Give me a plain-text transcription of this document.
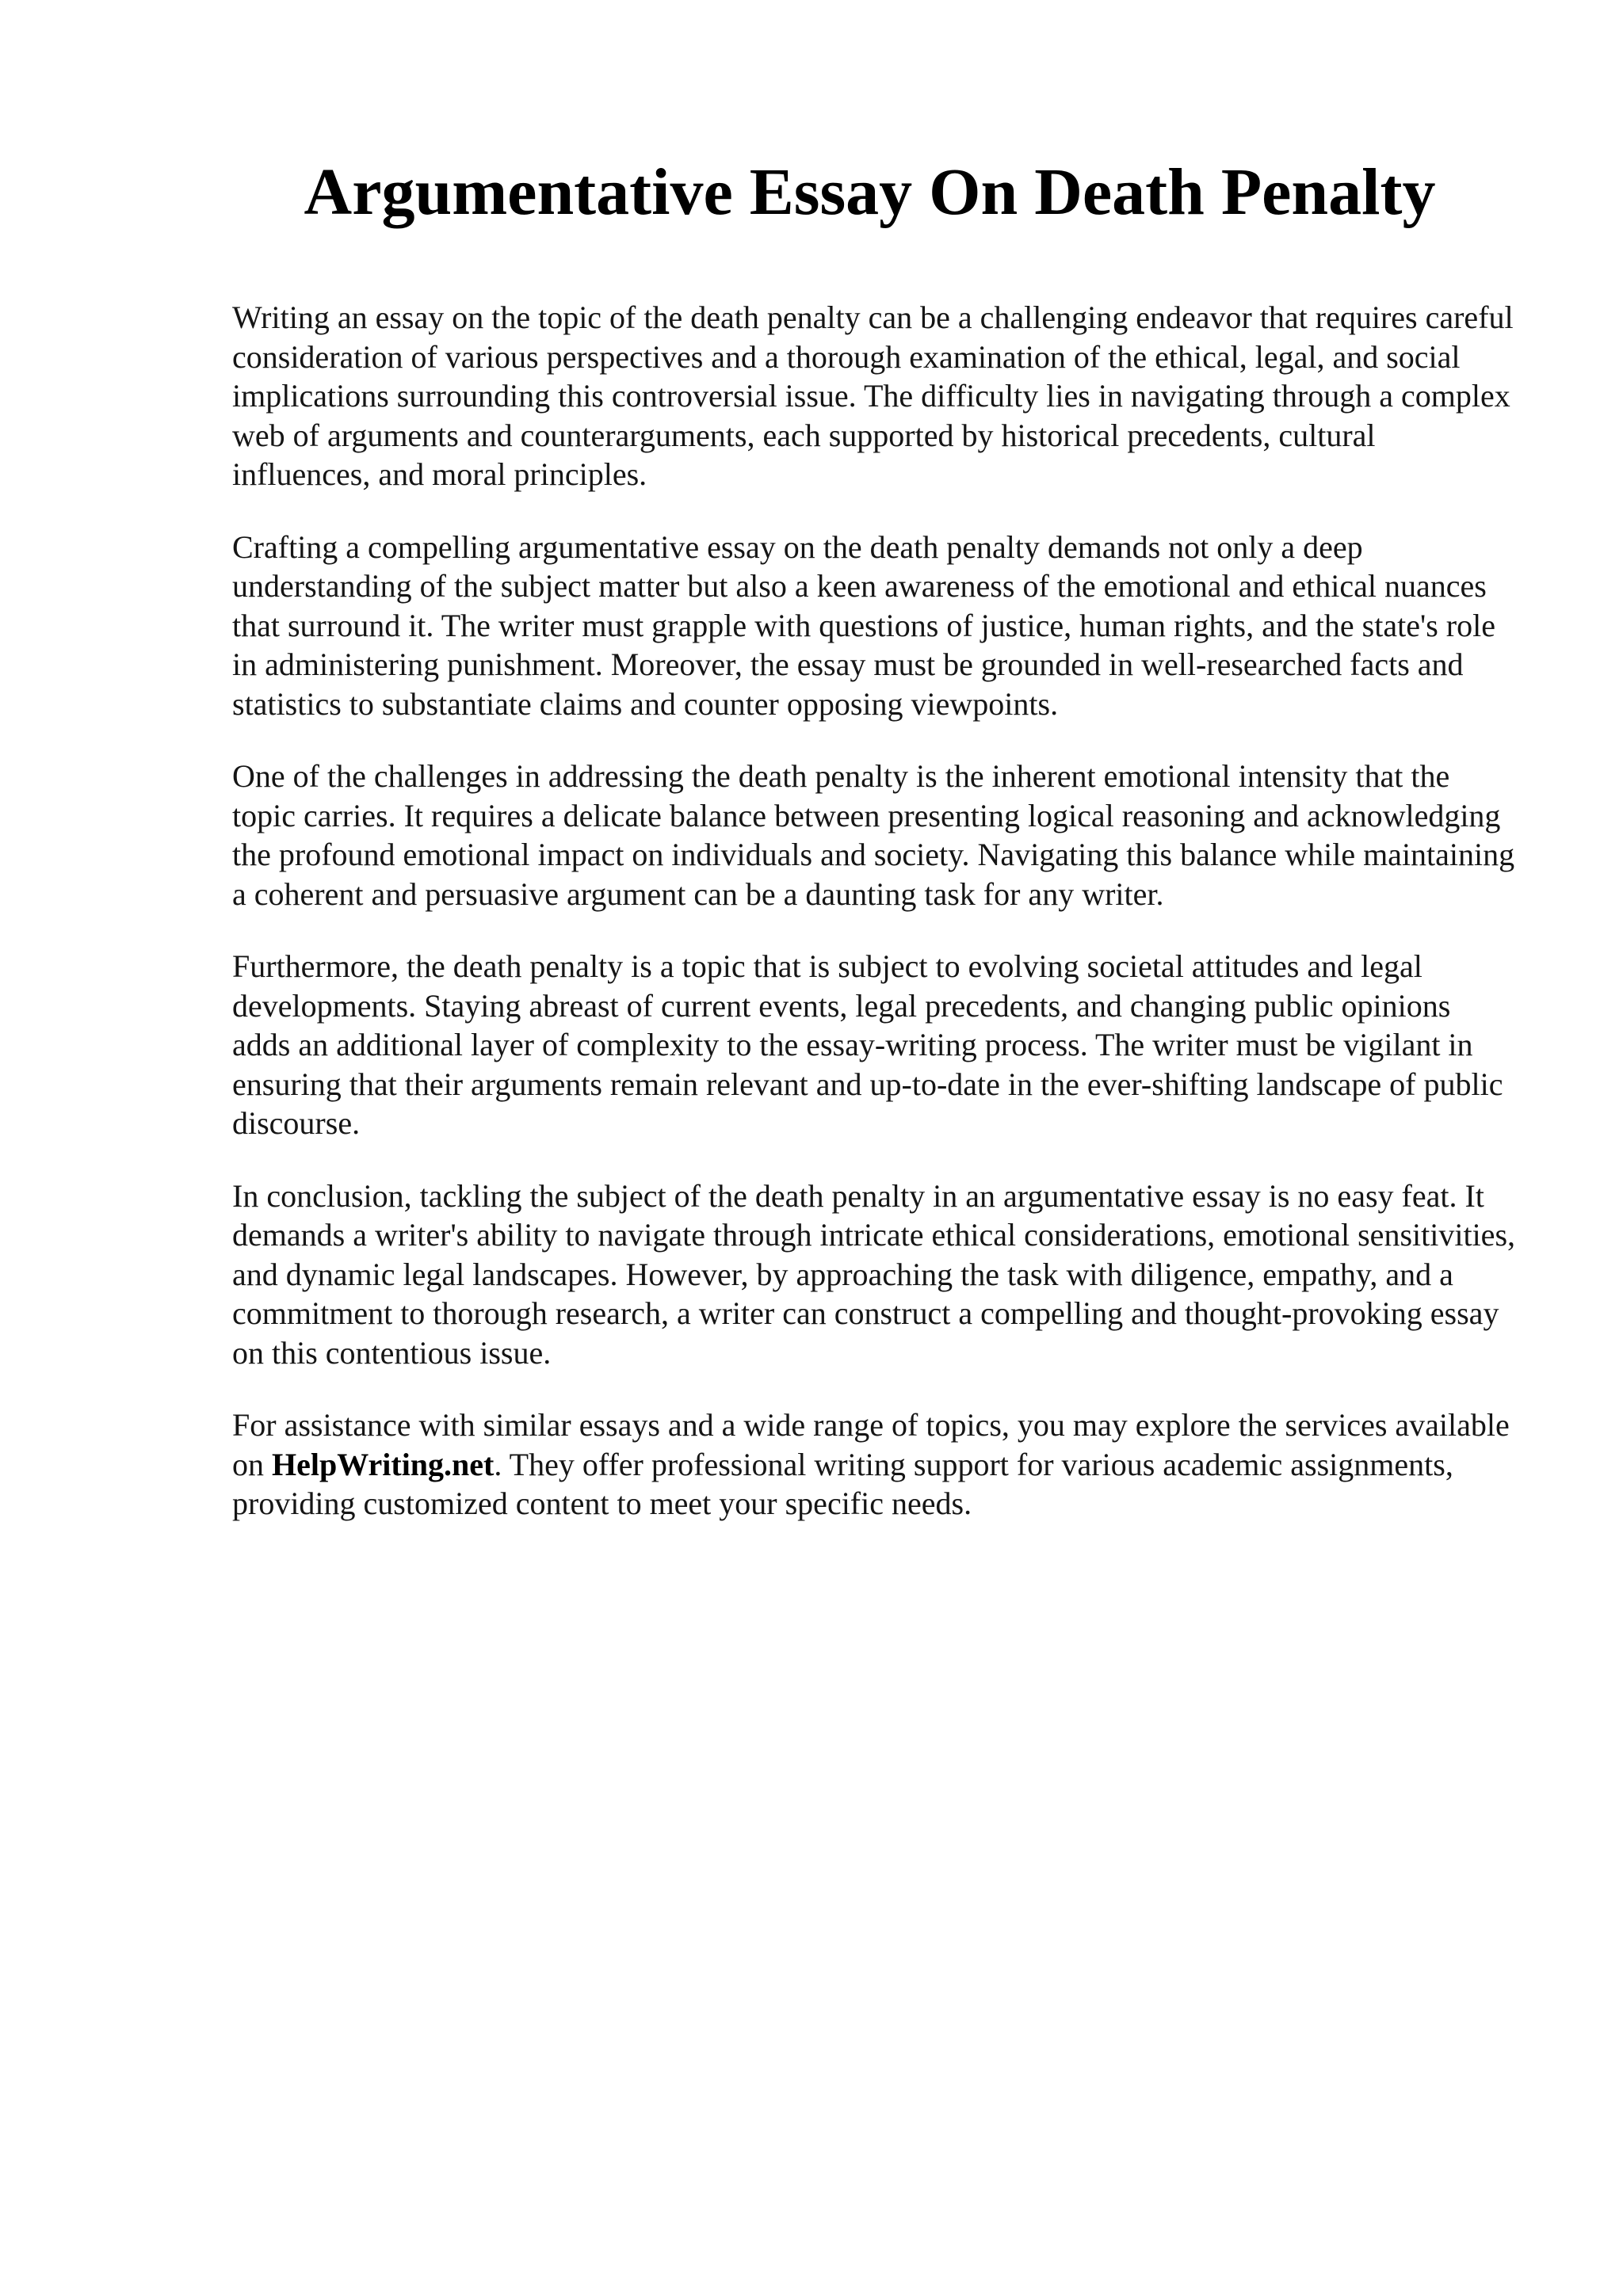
Argumentative Essay On Death Penalty

Writing an essay on the topic of the death penalty can be a challenging endeavor that requires careful consideration of various perspectives and a thorough examination of the ethical, legal, and social implications surrounding this controversial issue. The difficulty lies in navigating through a complex web of arguments and counterarguments, each supported by historical precedents, cultural influences, and moral principles.

Crafting a compelling argumentative essay on the death penalty demands not only a deep understanding of the subject matter but also a keen awareness of the emotional and ethical nuances that surround it. The writer must grapple with questions of justice, human rights, and the state's role in administering punishment. Moreover, the essay must be grounded in well-researched facts and statistics to substantiate claims and counter opposing viewpoints.

One of the challenges in addressing the death penalty is the inherent emotional intensity that the topic carries. It requires a delicate balance between presenting logical reasoning and acknowledging the profound emotional impact on individuals and society. Navigating this balance while maintaining a coherent and persuasive argument can be a daunting task for any writer.

Furthermore, the death penalty is a topic that is subject to evolving societal attitudes and legal developments. Staying abreast of current events, legal precedents, and changing public opinions adds an additional layer of complexity to the essay-writing process. The writer must be vigilant in ensuring that their arguments remain relevant and up-to-date in the ever-shifting landscape of public discourse.

In conclusion, tackling the subject of the death penalty in an argumentative essay is no easy feat. It demands a writer's ability to navigate through intricate ethical considerations, emotional sensitivities, and dynamic legal landscapes. However, by approaching the task with diligence, empathy, and a commitment to thorough research, a writer can construct a compelling and thought-provoking essay on this contentious issue.

For assistance with similar essays and a wide range of topics, you may explore the services available on HelpWriting.net. They offer professional writing support for various academic assignments, providing customized content to meet your specific needs.
